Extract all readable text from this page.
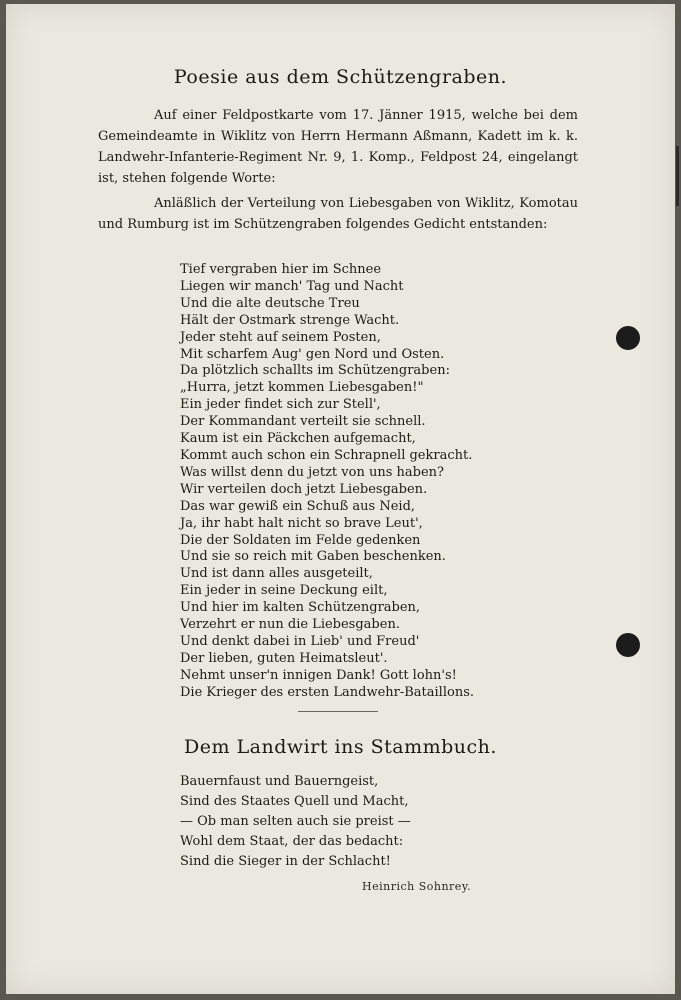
Poesie aus dem Schützengraben.

Auf einer Feldpostkarte vom 17. Jänner 1915, welche bei dem Gemeindeamte in Wiklitz von Herrn Hermann Aßmann, Kadett im k. k. Landwehr-Infanterie-Regiment Nr. 9, 1. Komp., Feldpost 24, eingelangt ist, stehen folgende Worte:

Anläßlich der Verteilung von Liebesgaben von Wiklitz, Komotau und Rumburg ist im Schützengraben folgendes Gedicht entstanden:

Tief vergraben hier im Schnee
Liegen wir manch' Tag und Nacht
Und die alte deutsche Treu
Hält der Ostmark strenge Wacht.
Jeder steht auf seinem Posten,
Mit scharfem Aug' gen Nord und Osten.
Da plötzlich schallts im Schützengraben:
„Hurra, jetzt kommen Liebesgaben!"
Ein jeder findet sich zur Stell',
Der Kommandant verteilt sie schnell.
Kaum ist ein Päckchen aufgemacht,
Kommt auch schon ein Schrapnell gekracht.
Was willst denn du jetzt von uns haben?
Wir verteilen doch jetzt Liebesgaben.
Das war gewiß ein Schuß aus Neid,
Ja, ihr habt halt nicht so brave Leut',
Die der Soldaten im Felde gedenken
Und sie so reich mit Gaben beschenken.
Und ist dann alles ausgeteilt,
Ein jeder in seine Deckung eilt,
Und hier im kalten Schützengraben,
Verzehrt er nun die Liebesgaben.
Und denkt dabei in Lieb' und Freud'
Der lieben, guten Heimatsleut'.
Nehmt unser'n innigen Dank! Gott lohn's!
Die Krieger des ersten Landwehr-Bataillons.
Dem Landwirt ins Stammbuch.
Bauernfaust und Bauerngeist,
Sind des Staates Quell und Macht,
— Ob man selten auch sie preist —
Wohl dem Staat, der das bedacht:
Sind die Sieger in der Schlacht!
Heinrich Sohnrey.
